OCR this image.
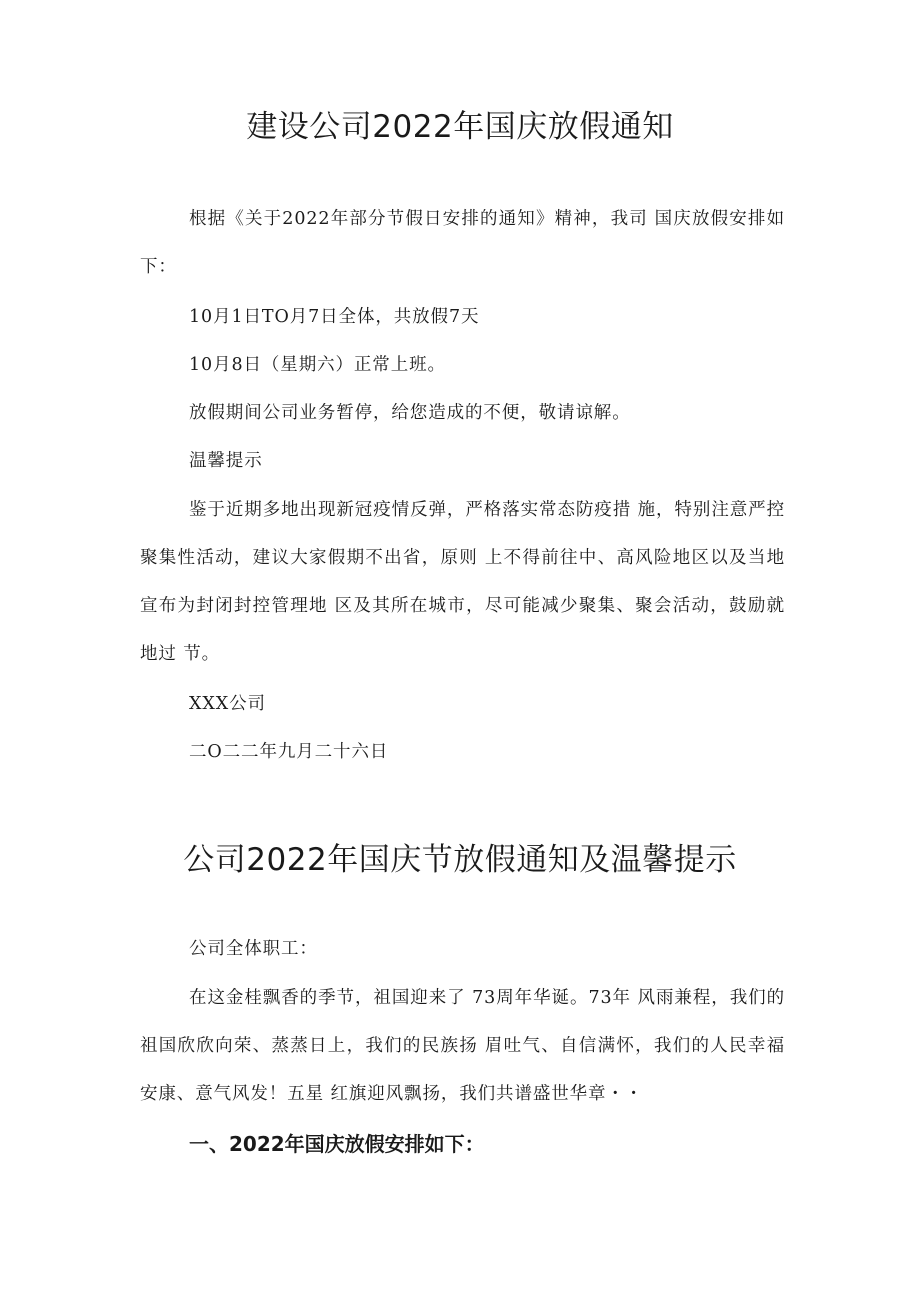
建设公司2022年国庆放假通知

根据《关于2022年部分节假日安排的通知》精神，我司 国庆放假安排如下：

10月1日TO月7日全体，共放假7天

10月8日（星期六）正常上班。

放假期间公司业务暂停，给您造成的不便，敬请谅解。

温馨提示

鉴于近期多地出现新冠疫情反弹，严格落实常态防疫措 施，特别注意严控聚集性活动，建议大家假期不出省，原则 上不得前往中、高风险地区以及当地宣布为封闭封控管理地 区及其所在城市，尽可能减少聚集、聚会活动，鼓励就地过 节。

XXX公司

二O二二年九月二十六日

公司2022年国庆节放假通知及温馨提示

公司全体职工：

在这金桂飘香的季节，祖国迎来了 73周年华诞。73年 风雨兼程，我们的祖国欣欣向荣、蒸蒸日上，我们的民族扬 眉吐气、自信满怀，我们的人民幸福安康、意气风发！五星 红旗迎风飘扬，我们共谱盛世华章・・

一、2022年国庆放假安排如下：
